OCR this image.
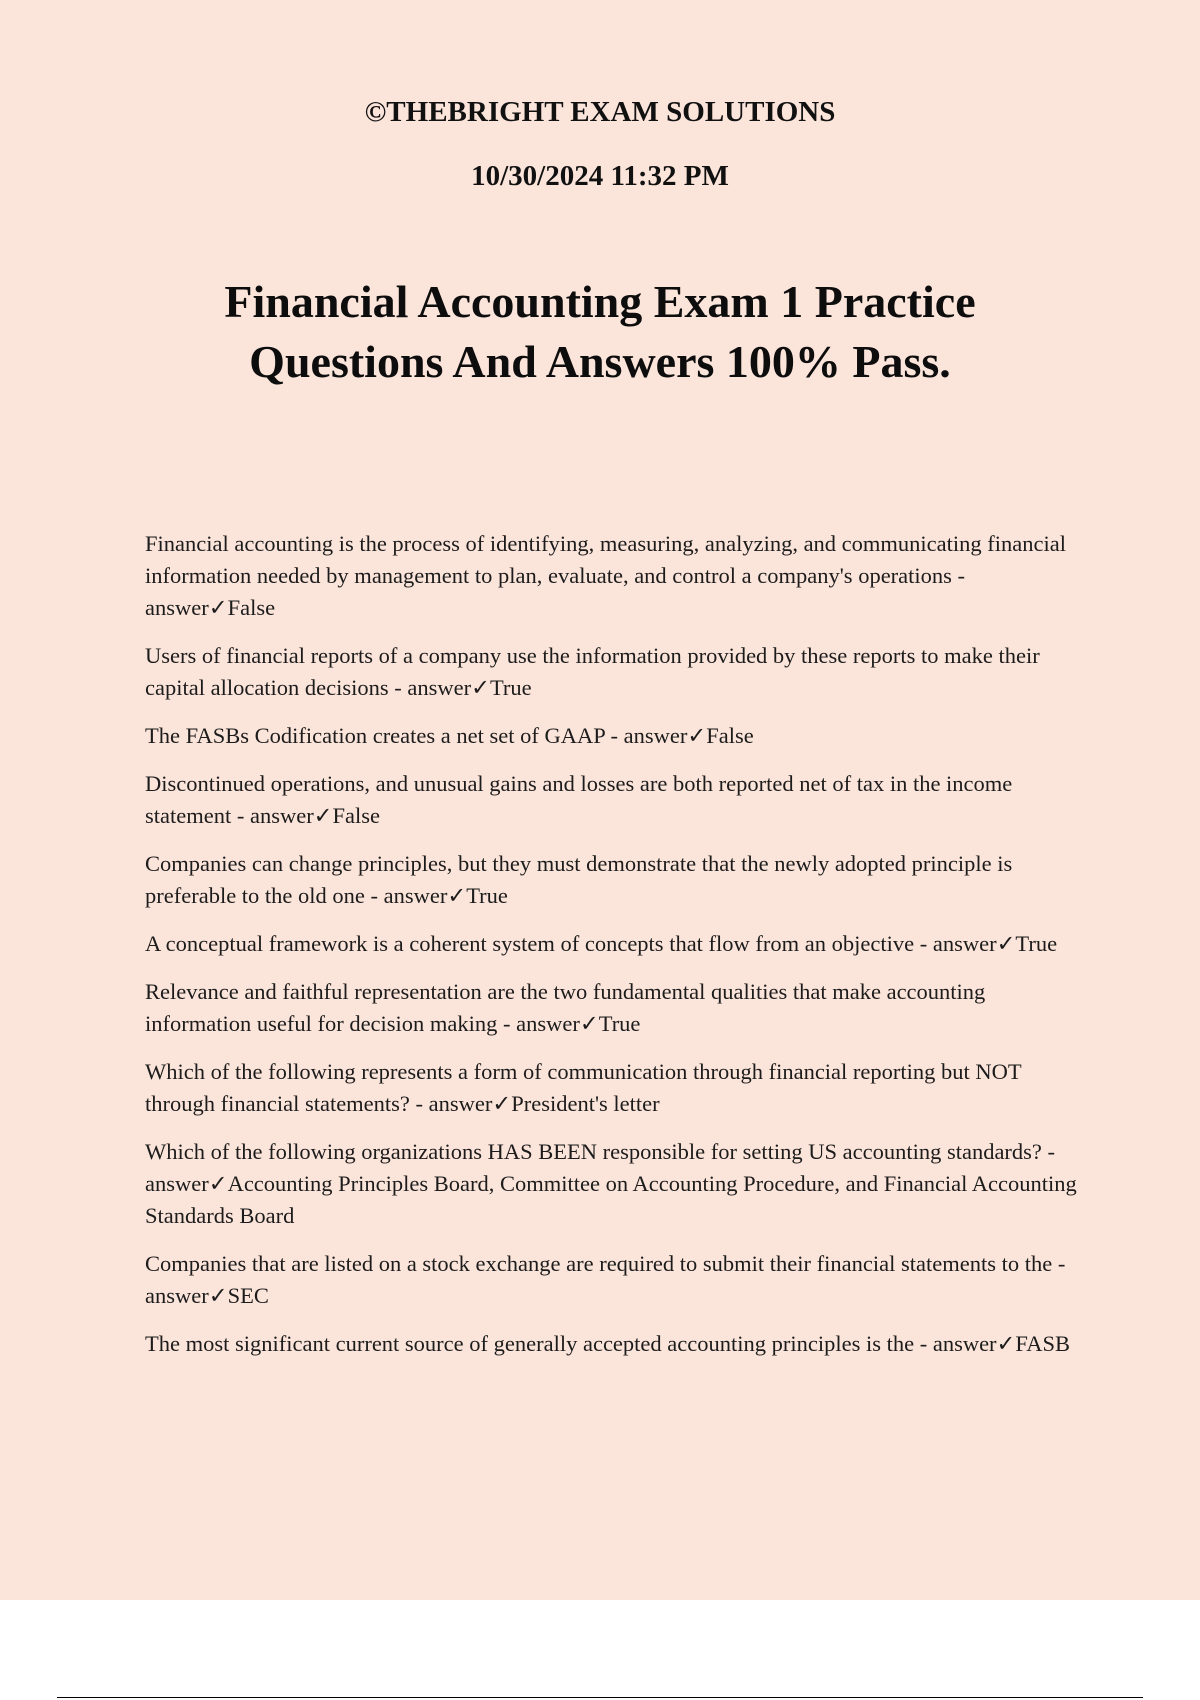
©THEBRIGHT EXAM SOLUTIONS
10/30/2024 11:32 PM
Financial Accounting Exam 1 Practice
Questions And Answers 100% Pass.

Financial accounting is the process of identifying, measuring, analyzing, and communicating financial information needed by management to plan, evaluate, and control a company's operations - answer✓False

Users of financial reports of a company use the information provided by these reports to make their capital allocation decisions - answer✓True

The FASBs Codification creates a net set of GAAP - answer✓False

Discontinued operations, and unusual gains and losses are both reported net of tax in the income statement - answer✓False

Companies can change principles, but they must demonstrate that the newly adopted principle is preferable to the old one - answer✓True

A conceptual framework is a coherent system of concepts that flow from an objective - answer✓True

Relevance and faithful representation are the two fundamental qualities that make accounting information useful for decision making - answer✓True

Which of the following represents a form of communication through financial reporting but NOT through financial statements? - answer✓President's letter

Which of the following organizations HAS BEEN responsible for setting US accounting standards? - answer✓Accounting Principles Board, Committee on Accounting Procedure, and Financial Accounting Standards Board

Companies that are listed on a stock exchange are required to submit their financial statements to the - answer✓SEC

The most significant current source of generally accepted accounting principles is the - answer✓FASB
